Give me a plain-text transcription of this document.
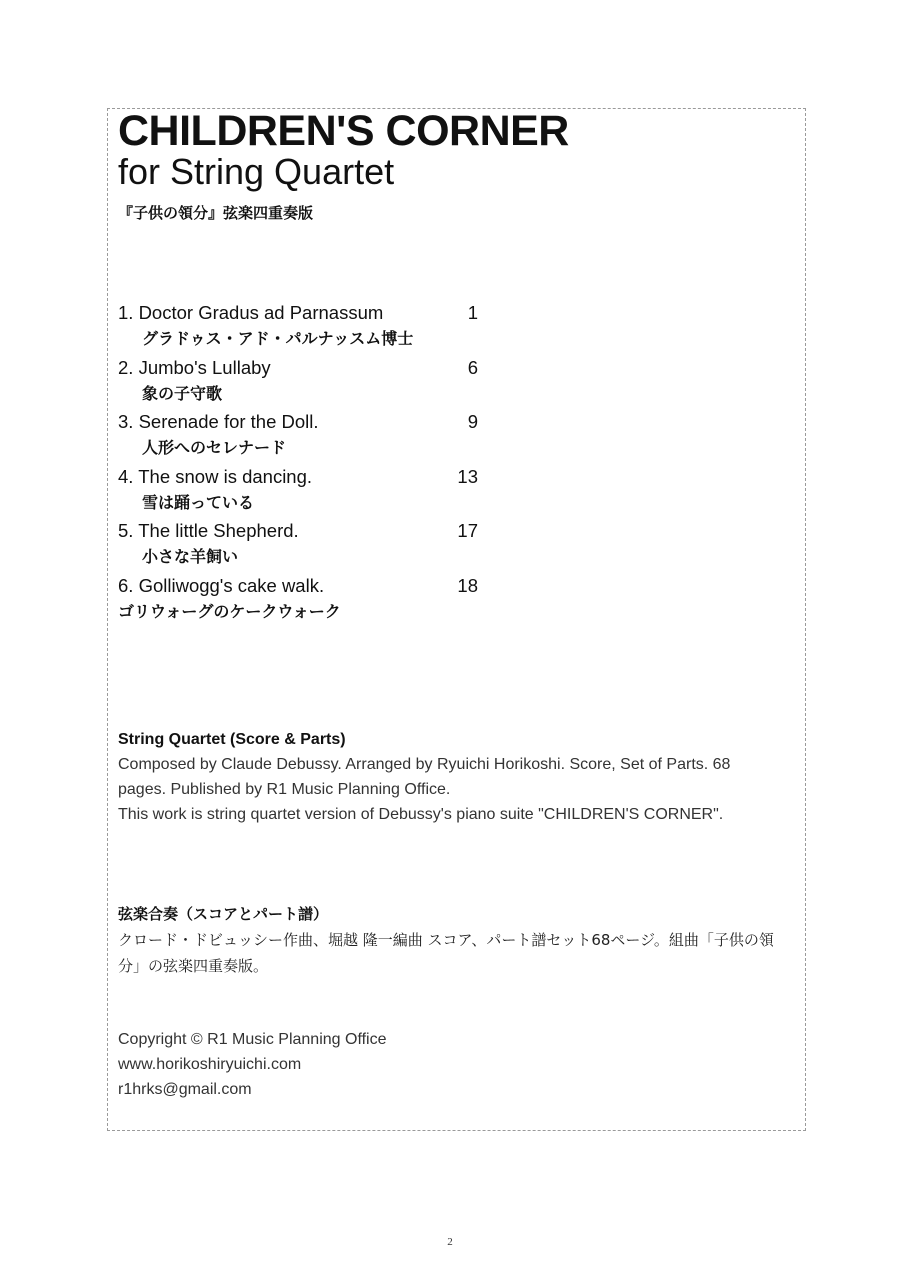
CHILDREN'S CORNER
for String Quartet
『子供の領分』弦楽四重奏版
1. Doctor Gradus ad Parnassum	1
グラドゥス・アド・パルナッスム博士
2. Jumbo's Lullaby	6
象の子守歌
3. Serenade for the Doll.	9
人形へのセレナード
4. The snow is dancing.	13
雪は踊っている
5. The little Shepherd.	17
小さな羊飼い
6. Golliwogg's cake walk.	18
ゴリウォーグのケークウォーク
String Quartet (Score & Parts)
Composed by Claude Debussy. Arranged by Ryuichi Horikoshi. Score, Set of Parts. 68 pages. Published by R1 Music Planning Office.
This work is string quartet version of Debussy's piano suite "CHILDREN'S CORNER".
弦楽合奏（スコアとパート譜）
クロード・ドビュッシー作曲、堀越 隆一編曲 スコア、パート譜セット68ページ。組曲「子供の領分」の弦楽四重奏版。
Copyright © R1 Music Planning Office
www.horikoshiryuichi.com
r1hrks@gmail.com
2
